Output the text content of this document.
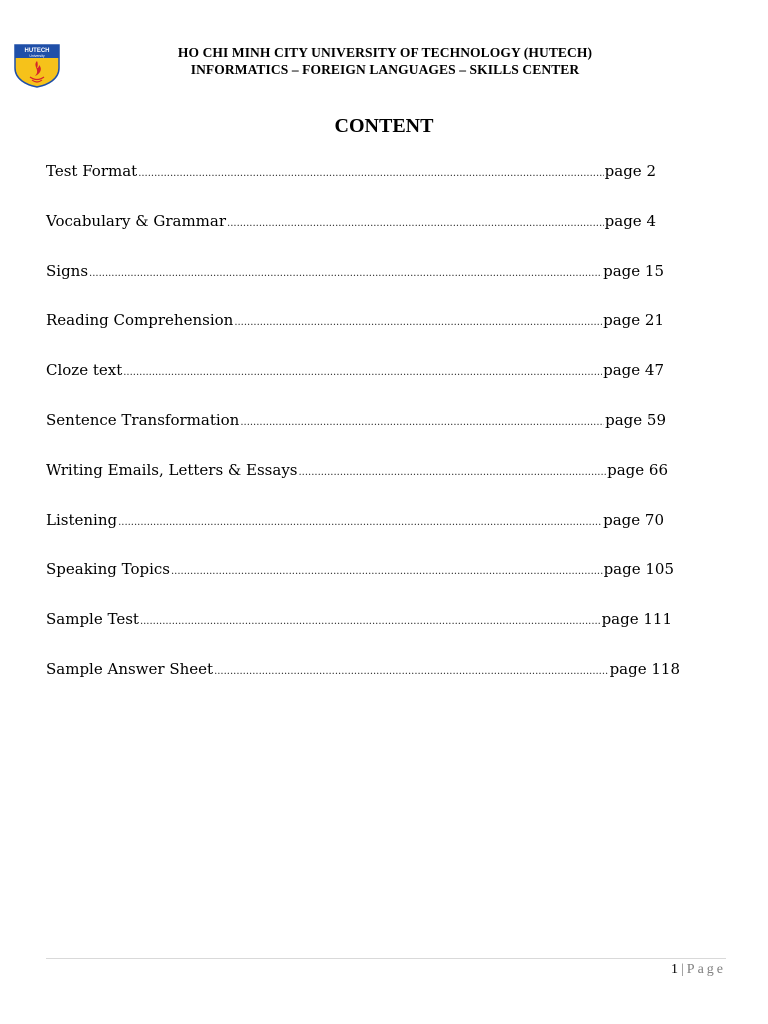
HUTECH
University	HO CHI MINH CITY UNIVERSITY OF TECHNOLOGY (HUTECH)
INFORMATICS – FOREIGN LANGUAGES – SKILLS CENTER
CONTENT
Test Format .....	page 2
Vocabulary & Grammar .....	page 4
Signs .....	page 15
Reading Comprehension .....	page 21
Cloze text .....	page 47
Sentence Transformation .....	page 59
Writing Emails, Letters & Essays .....	page 66
Listening .....	page 70
Speaking Topics .....	page 105
Sample Test .....	page 111
Sample Answer Sheet .....	page 118
1 | Page
